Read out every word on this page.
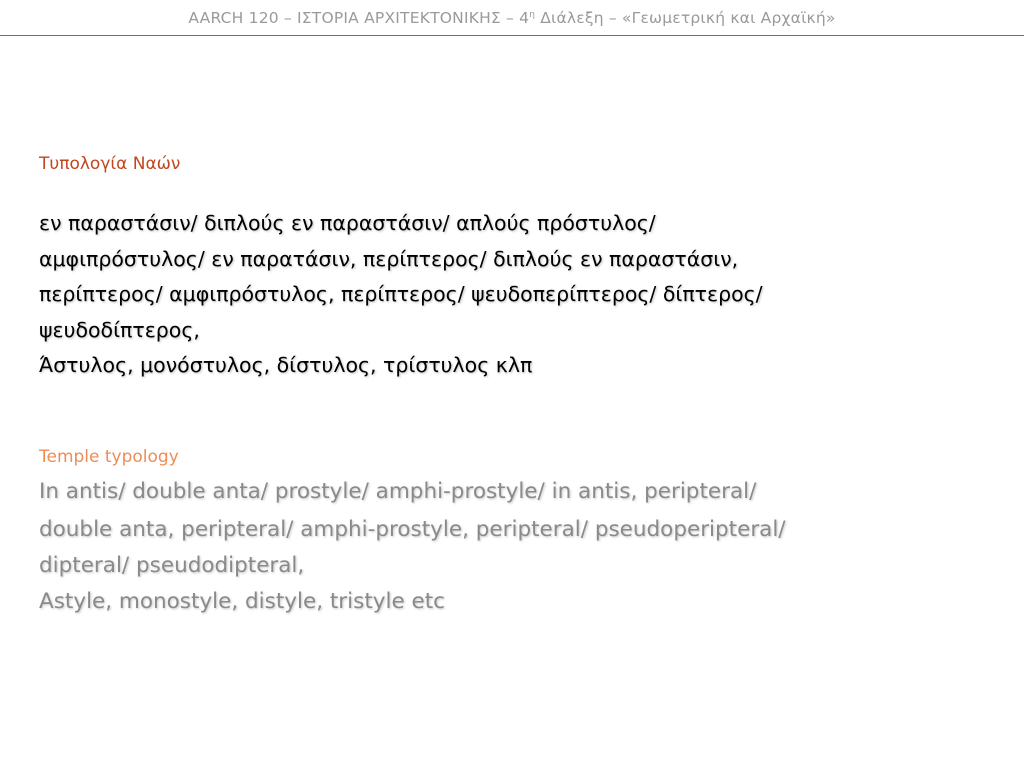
AARCH 120 – ΙΣΤΟΡΙΑ ΑΡΧΙΤΕΚΤΟΝΙΚΗΣ – $4^\eta$ Διάλεξη – «Γεωμετρική και Αρχαϊκή»
Τυπολογία Ναών
εν παραστάσιν/ διπλούς εν παραστάσιν/ απλούς πρόστυλος/
αμφιπρόστυλος/ εν παρατάσιν, περίπτερος/ διπλούς εν παραστάσιν,
περίπτερος/ αμφιπρόστυλος, περίπτερος/ ψευδοπερίπτερος/ δίπτερος/
ψευδοδίπτερος,
Άστυλος, μονόστυλος, δίστυλος, τρίστυλος κλπ
Temple typology
In antis/ double anta/ prostyle/ amphi-prostyle/ in antis, peripteral/
double anta, peripteral/ amphi-prostyle, peripteral/ pseudoperipteral/
dipteral/ pseudodipteral,
Astyle, monostyle, distyle, tristyle etc
